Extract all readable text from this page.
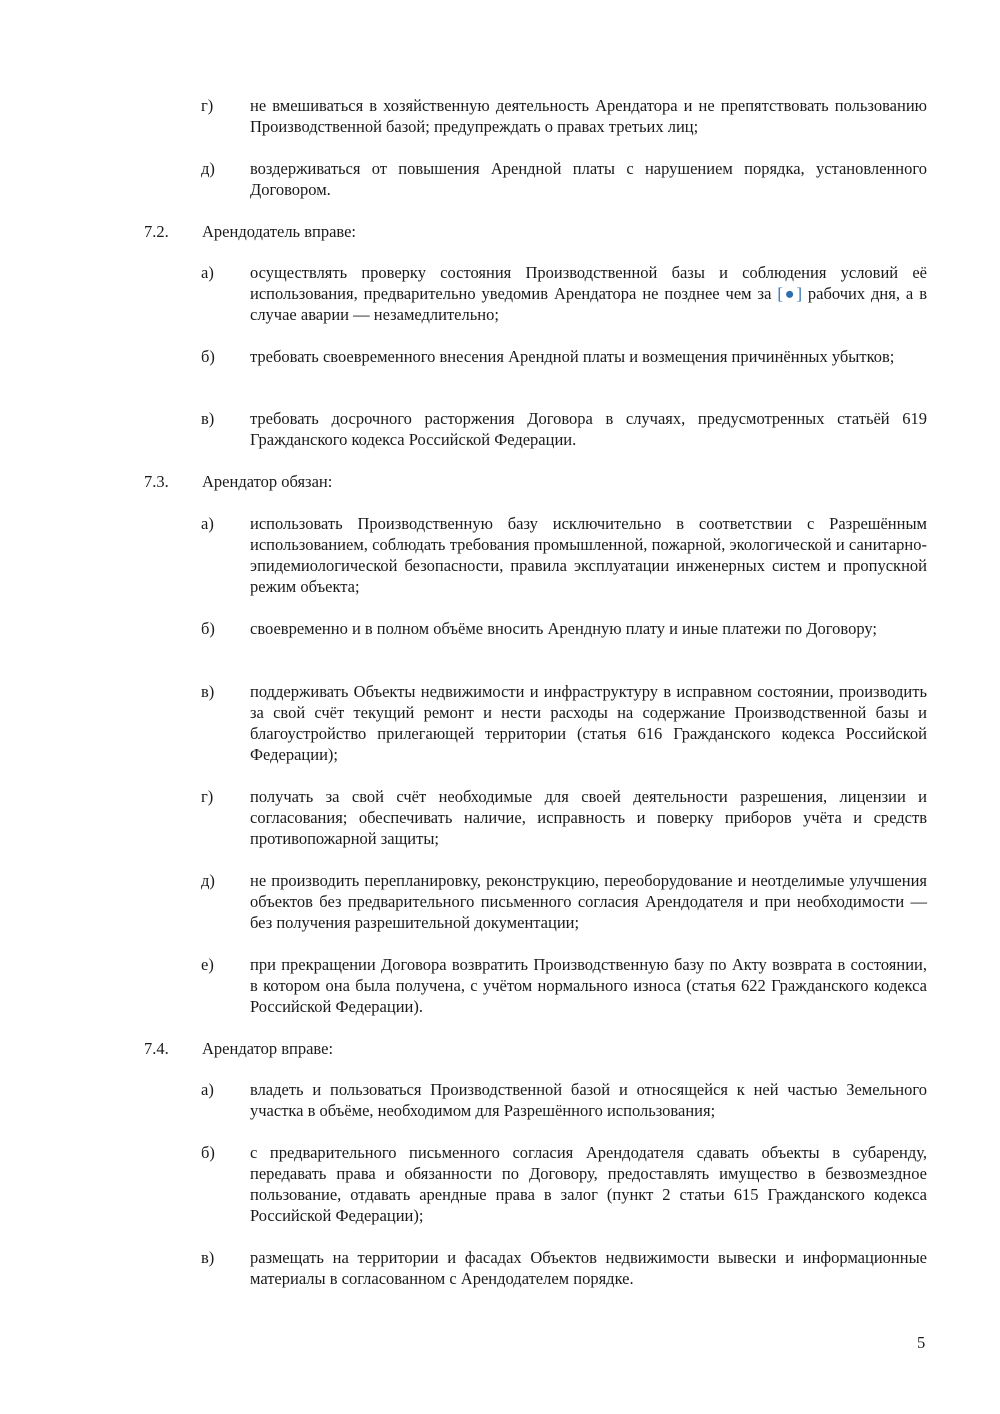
г) не вмешиваться в хозяйственную деятельность Арендатора и не препятствовать пользованию Производственной базой; предупреждать о правах третьих лиц;

д) воздерживаться от повышения Арендной платы с нарушением порядка, установленного Договором.

7.2. Арендодатель вправе:
а) осуществлять проверку состояния Производственной базы и соблюдения условий её использования, предварительно уведомив Арендатора не позднее чем за [●] рабочих дня, а в случае аварии — незамедлительно;

б) требовать своевременного внесения Арендной платы и возмещения причинённых убытков;

в) требовать досрочного расторжения Договора в случаях, предусмотренных статьёй 619 Гражданского кодекса Российской Федерации.

7.3. Арендатор обязан:
а) использовать Производственную базу исключительно в соответствии с Разрешённым использованием, соблюдать требования промышленной, пожарной, экологической и санитарно-эпидемиологической безопасности, правила эксплуатации инженерных систем и пропускной режим объекта;

б) своевременно и в полном объёме вносить Арендную плату и иные платежи по Договору;

в) поддерживать Объекты недвижимости и инфраструктуру в исправном состоянии, производить за свой счёт текущий ремонт и нести расходы на содержание Производственной базы и благоустройство прилегающей территории (статья 616 Гражданского кодекса Российской Федерации);

г) получать за свой счёт необходимые для своей деятельности разрешения, лицензии и согласования; обеспечивать наличие, исправность и поверку приборов учёта и средств противопожарной защиты;

д) не производить перепланировку, реконструкцию, переоборудование и неотделимые улучшения объектов без предварительного письменного согласия Арендодателя и при необходимости — без получения разрешительной документации;

е) при прекращении Договора возвратить Производственную базу по Акту возврата в состоянии, в котором она была получена, с учётом нормального износа (статья 622 Гражданского кодекса Российской Федерации).

7.4. Арендатор вправе:
а) владеть и пользоваться Производственной базой и относящейся к ней частью Земельного участка в объёме, необходимом для Разрешённого использования;

б) с предварительного письменного согласия Арендодателя сдавать объекты в субаренду, передавать права и обязанности по Договору, предоставлять имущество в безвозмездное пользование, отдавать арендные права в залог (пункт 2 статьи 615 Гражданского кодекса Российской Федерации);

в) размещать на территории и фасадах Объектов недвижимости вывески и информационные материалы в согласованном с Арендодателем порядке.

5
